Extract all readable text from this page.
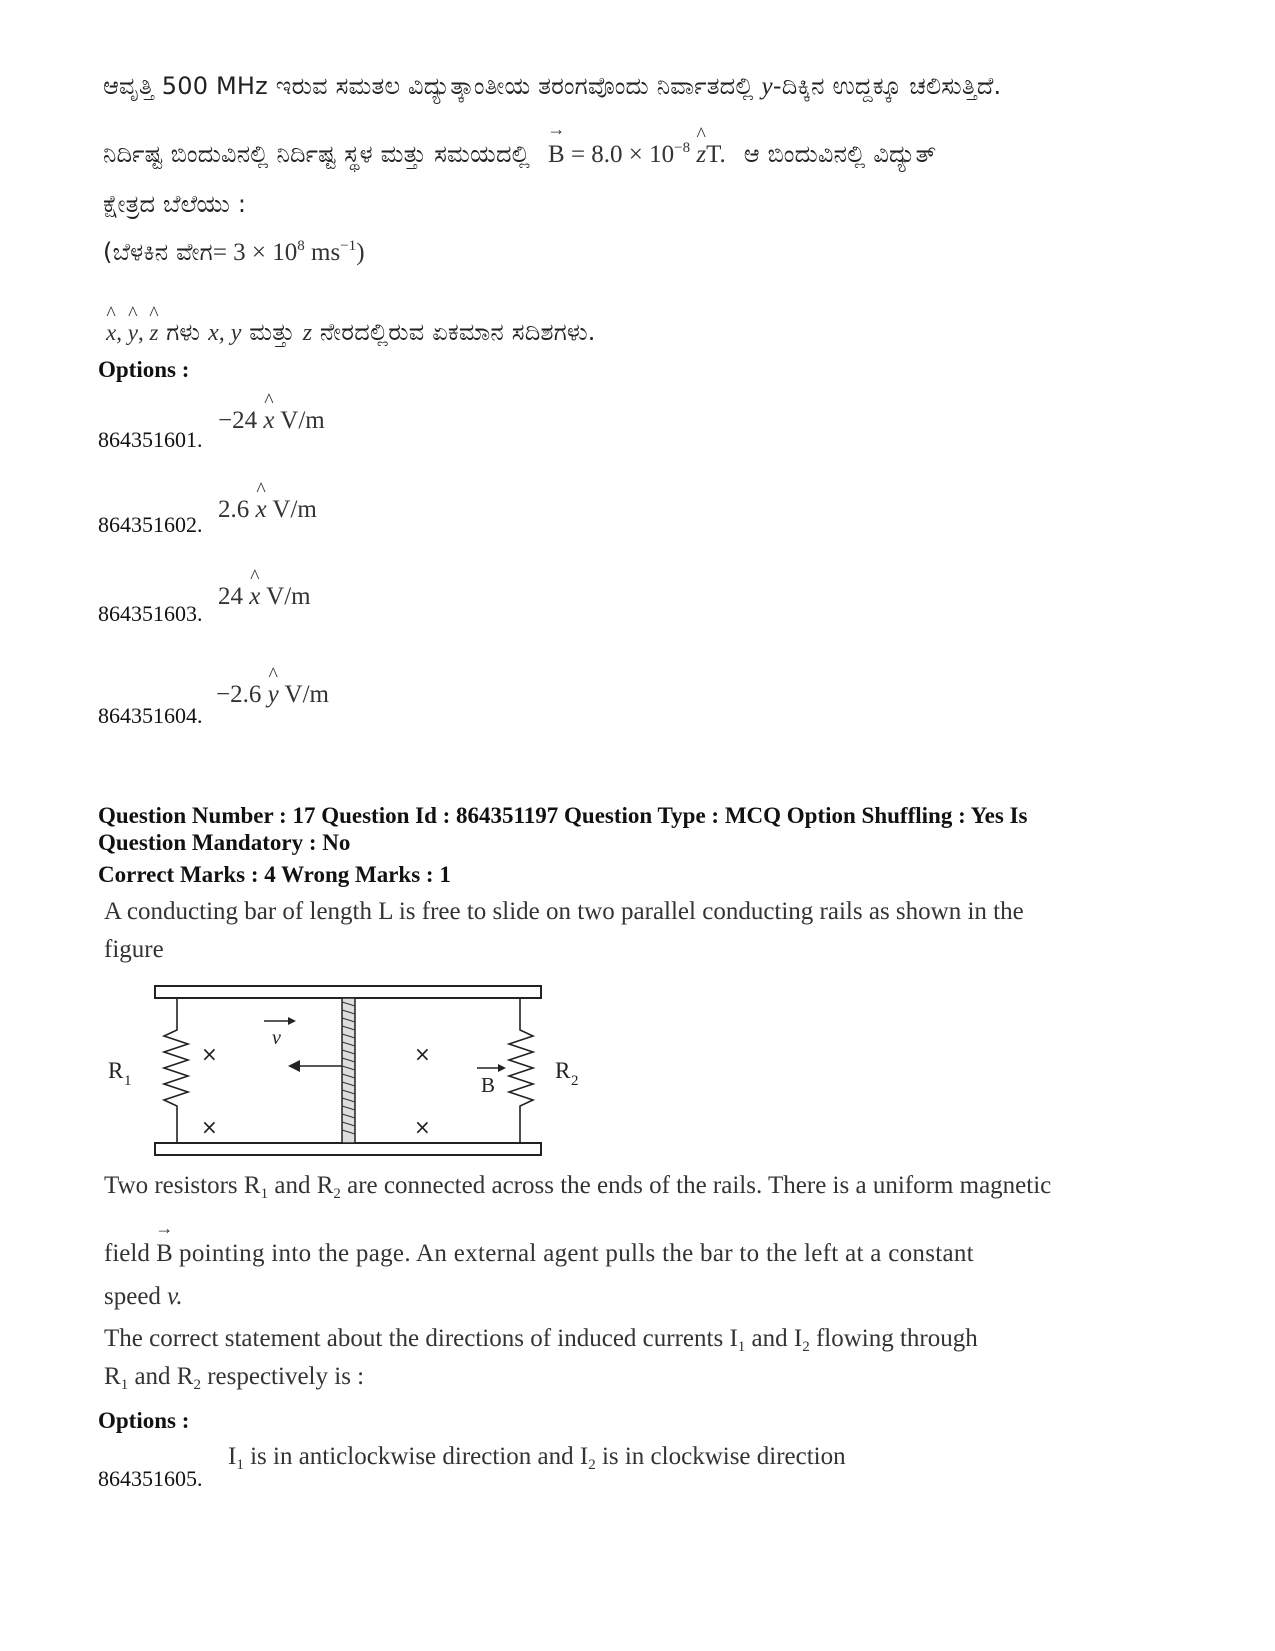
ಆವೃತ್ತಿ 500 MHz ಇರುವ ಸಮತಲ ವಿದ್ಯುತ್ಕಾಂತೀಯ ತರಂಗವೊಂದು ನಿರ್ವಾತದಲ್ಲಿ y-ದಿಕ್ಕಿನ ಉದ್ದಕ್ಕೂ ಚಲಿಸುತ್ತಿದೆ.
ನಿರ್ದಿಷ್ಟ ಬಿಂದುವಿನಲ್ಲಿ ನಿರ್ದಿಷ್ಟ ಸ್ಥಳ ಮತ್ತು ಸಮಯದಲ್ಲಿ → $B = 8.0 \times 10^{-8}$ ^ zT. ಆ ಬಿಂದುವಿನಲ್ಲಿ ವಿದ್ಯುತ್
ಕ್ಷೇತ್ರದ ಬೆಲೆಯು :
(ಬೆಳಕಿನ ವೇಗ= $3 \times 10^8$ $ms^{-1}$)
^ x, ^ y, ^ z ಗಳು x, y ಮತ್ತು z ನೇರದಲ್ಲಿರುವ ಏಕಮಾನ ಸದಿಶಗಳು.
Options :
864351601.
−24 ^ x V/m
864351602.
2.6 ^ x V/m
864351603.
24 ^ x V/m
864351604.
−2.6 ^ y V/m
Question Number : 17 Question Id : 864351197 Question Type : MCQ Option Shuffling : Yes Is
Question Mandatory : No
Correct Marks : 4 Wrong Marks : 1
A conducting bar of length L is free to slide on two parallel conducting rails as shown in the
figure
v
×
×
×
×
B
R 1	R 2
Two resistors $R_1$ and $R_2$ are connected across the ends of the rails. There is a uniform magnetic
field → B pointing into the page. An external agent pulls the bar to the left at a constant
speed v.
The correct statement about the directions of induced currents $I_1$ and $I_2$ flowing through
$R_1$ and $R_2$ respectively is :
Options :
864351605.
$I_1$ is in anticlockwise direction and $I_2$ is in clockwise direction
